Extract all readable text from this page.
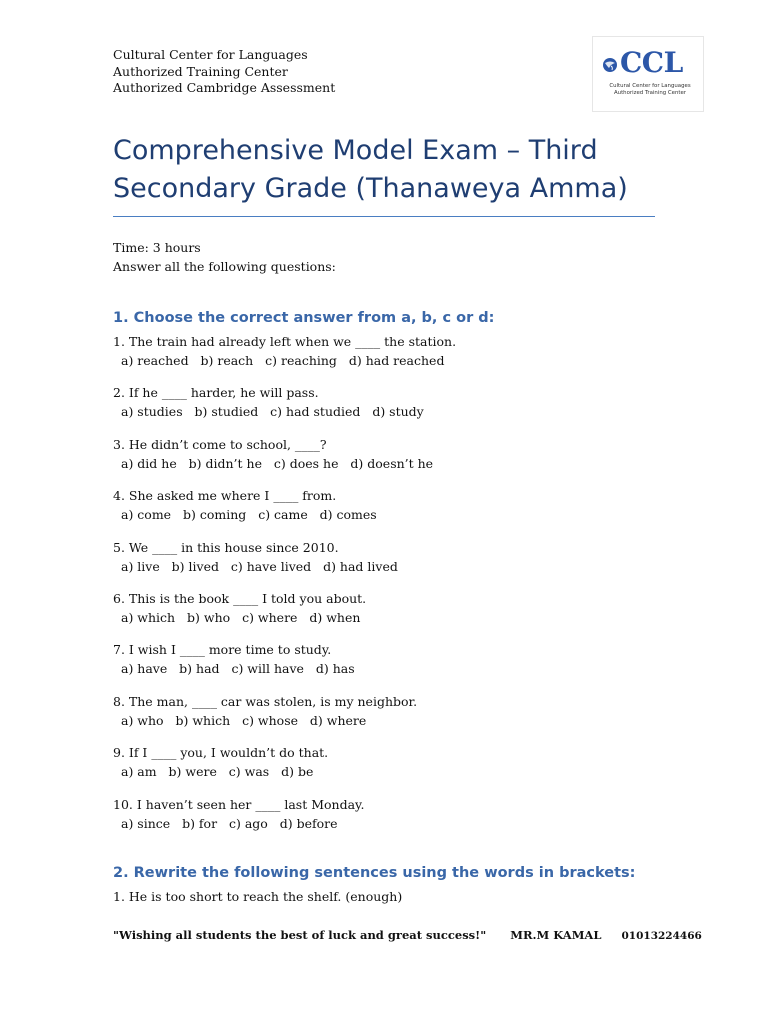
Cultural Center for Languages
Authorized Training Center
Authorized Cambridge Assessment
CCL
Cultural Center for Languages
Authorized Training Center
Comprehensive Model Exam – Third Secondary Grade (Thanaweya Amma)
Time: 3 hours
Answer all the following questions:
1. Choose the correct answer from a, b, c or d:
1. The train had already left when we ____ the station.
a) reached   b) reach   c) reaching   d) had reached
2. If he ____ harder, he will pass.
a) studies   b) studied   c) had studied   d) study
3. He didn’t come to school, ____?
a) did he   b) didn’t he   c) does he   d) doesn’t he
4. She asked me where I ____ from.
a) come   b) coming   c) came   d) comes
5. We ____ in this house since 2010.
a) live   b) lived   c) have lived   d) had lived
6. This is the book ____ I told you about.
a) which   b) who   c) where   d) when
7. I wish I ____ more time to study.
a) have   b) had   c) will have   d) has
8. The man, ____ car was stolen, is my neighbor.
a) who   b) which   c) whose   d) where
9. If I ____ you, I wouldn’t do that.
a) am   b) were   c) was   d) be
10. I haven’t seen her ____ last Monday.
a) since   b) for   c) ago   d) before
2. Rewrite the following sentences using the words in brackets:
1. He is too short to reach the shelf. (enough)
"Wishing all students the best of luck and great success!" MR.M KAMAL 01013224466
